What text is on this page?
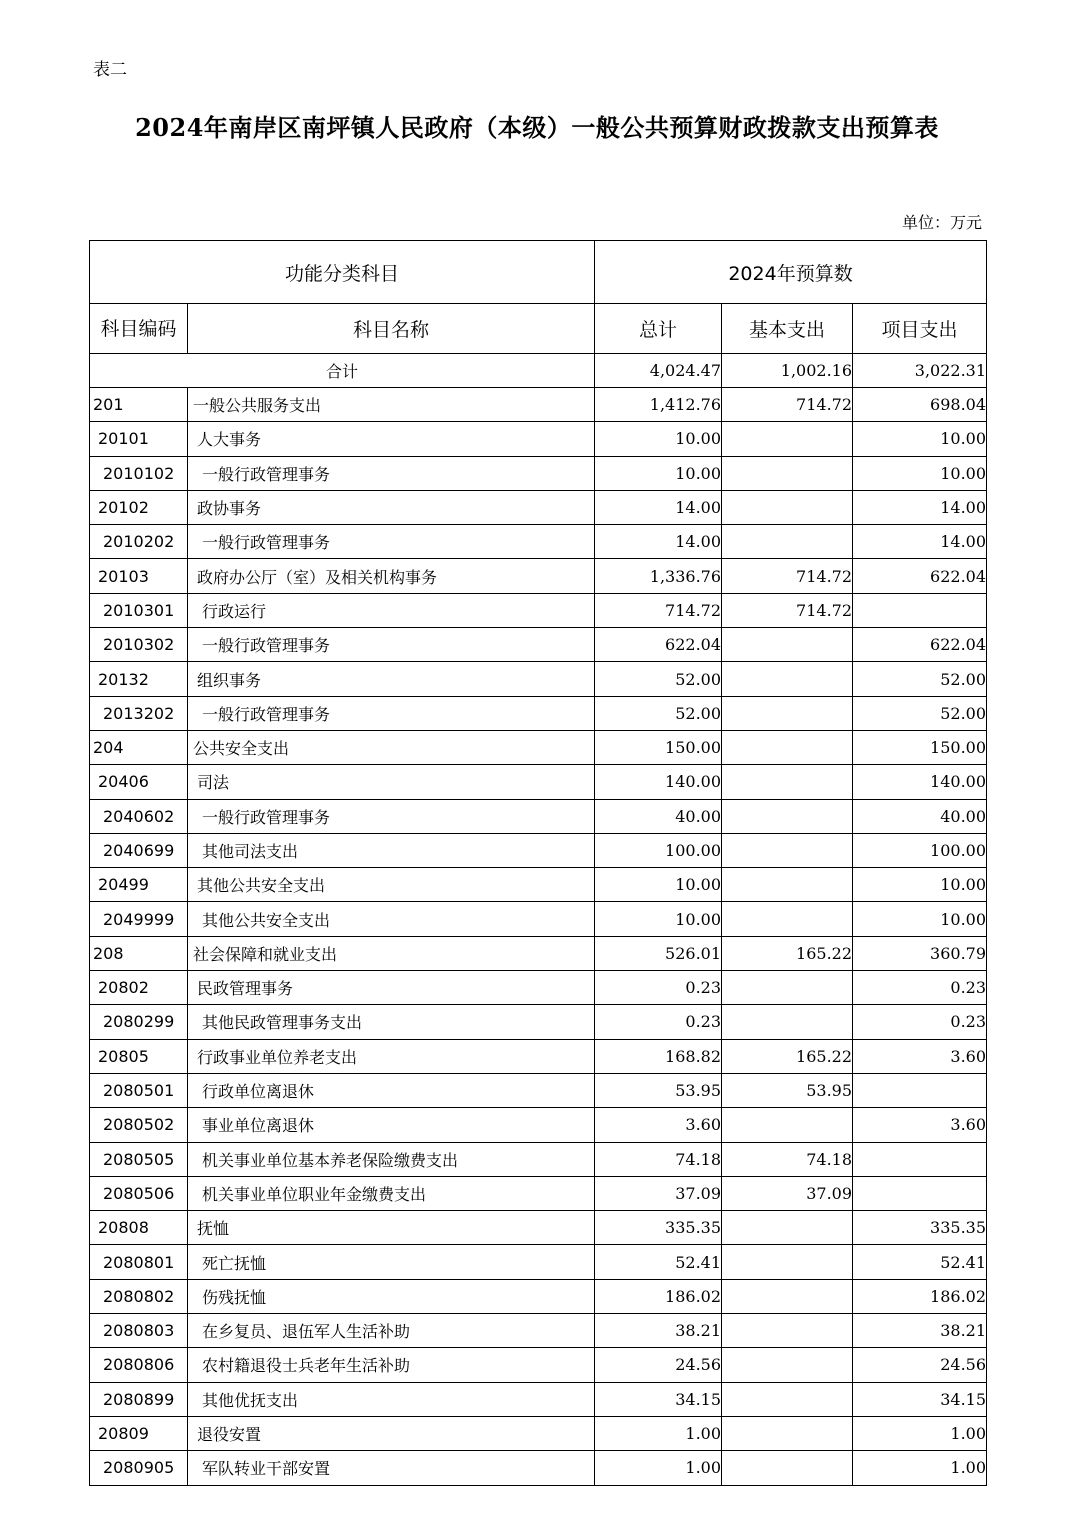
表二
2024年南岸区南坪镇人民政府（本级）一般公共预算财政拨款支出预算表
单位：万元
功能分类科目		2024年预算数		
科目编码	科目名称	总计	基本支出	项目支出
合计		4,024.47	1,002.16	3,022.31
201	一般公共服务支出	1,412.76	714.72	698.04
20101	人大事务	10.00		10.00
2010102	一般行政管理事务	10.00		10.00
20102	政协事务	14.00		14.00
2010202	一般行政管理事务	14.00		14.00
20103	政府办公厅（室）及相关机构事务	1,336.76	714.72	622.04
2010301	行政运行	714.72	714.72	
2010302	一般行政管理事务	622.04		622.04
20132	组织事务	52.00		52.00
2013202	一般行政管理事务	52.00		52.00
204	公共安全支出	150.00		150.00
20406	司法	140.00		140.00
2040602	一般行政管理事务	40.00		40.00
2040699	其他司法支出	100.00		100.00
20499	其他公共安全支出	10.00		10.00
2049999	其他公共安全支出	10.00		10.00
208	社会保障和就业支出	526.01	165.22	360.79
20802	民政管理事务	0.23		0.23
2080299	其他民政管理事务支出	0.23		0.23
20805	行政事业单位养老支出	168.82	165.22	3.60
2080501	行政单位离退休	53.95	53.95	
2080502	事业单位离退休	3.60		3.60
2080505	机关事业单位基本养老保险缴费支出	74.18	74.18	
2080506	机关事业单位职业年金缴费支出	37.09	37.09	
20808	抚恤	335.35		335.35
2080801	死亡抚恤	52.41		52.41
2080802	伤残抚恤	186.02		186.02
2080803	在乡复员、退伍军人生活补助	38.21		38.21
2080806	农村籍退役士兵老年生活补助	24.56		24.56
2080899	其他优抚支出	34.15		34.15
20809	退役安置	1.00		1.00
2080905	军队转业干部安置	1.00		1.00
